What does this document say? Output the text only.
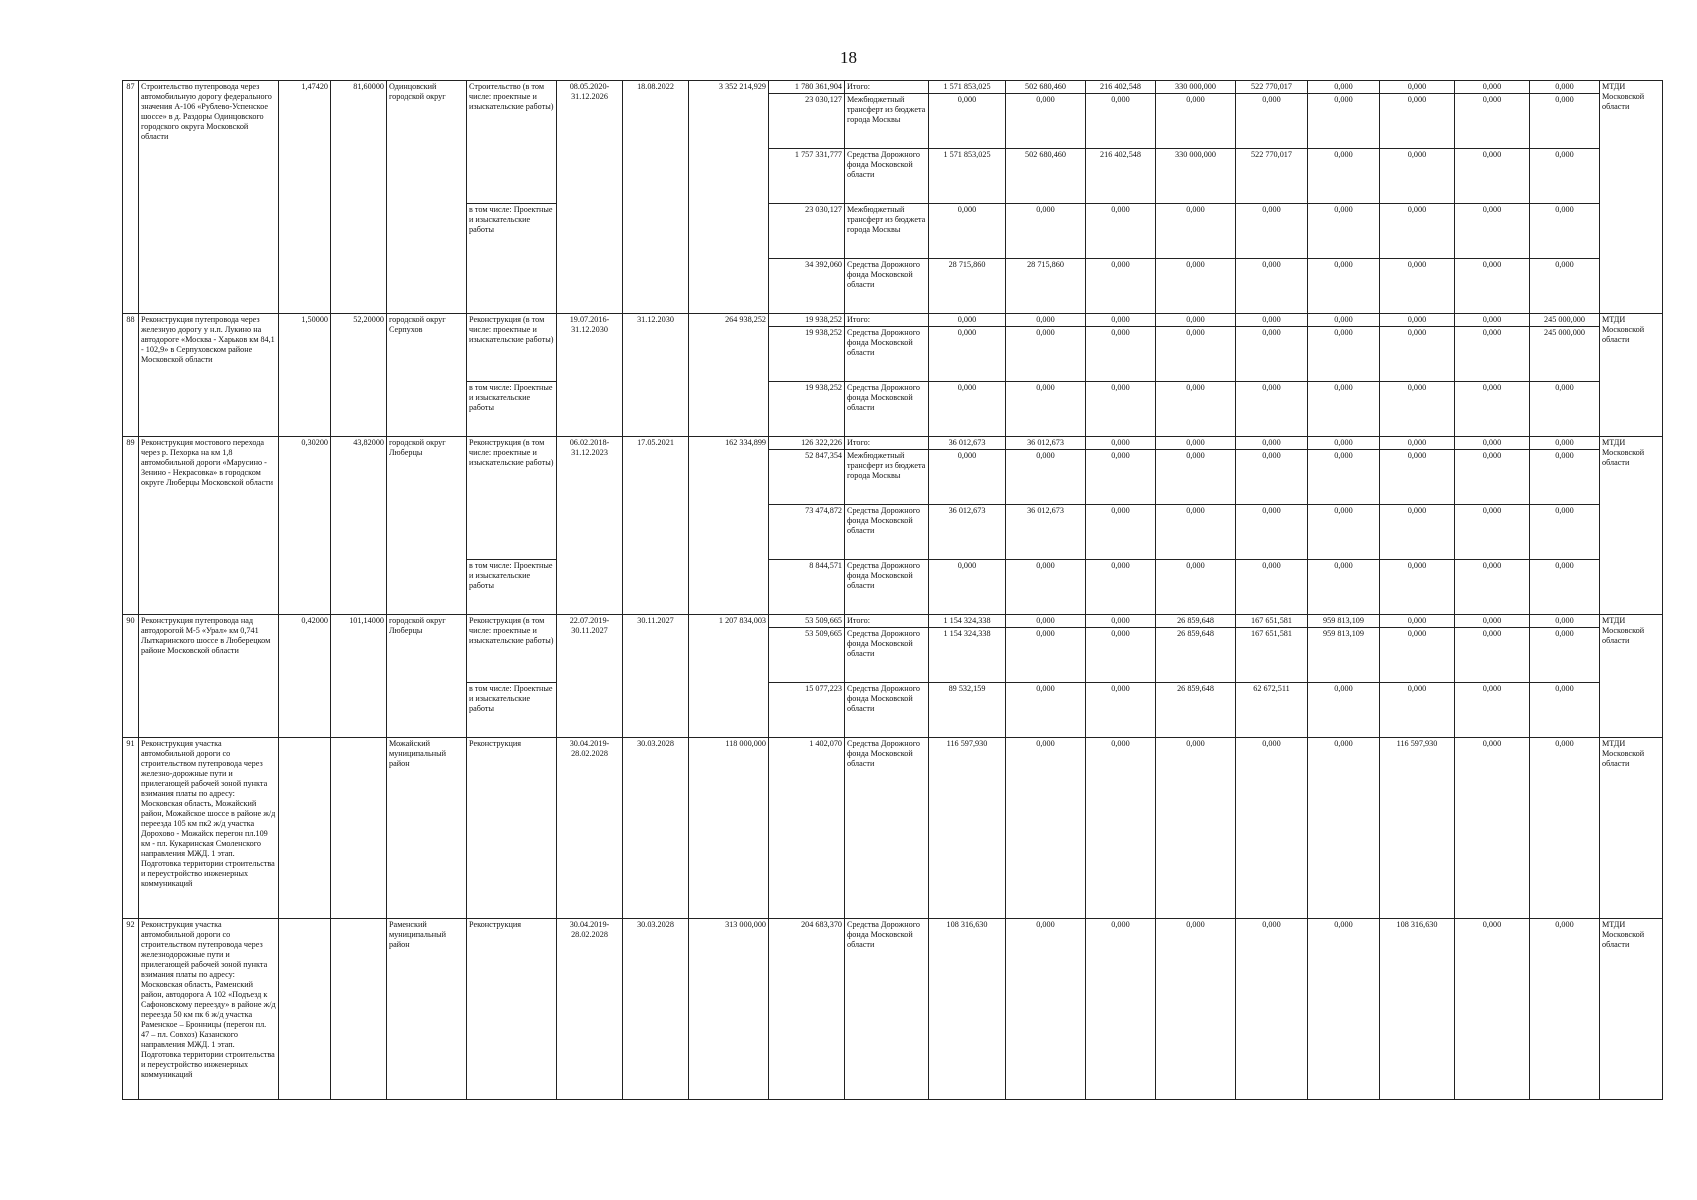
18
87	Строительство путепровода через автомобильную дорогу федерального значения А-106 «Рублево-Успенское шоссе» в д. Раздоры Одинцовского городского округа Московской области	1,47420	81,60000	Одинцовский городской округ	Строительство (в том числе: проектные и изыскательские работы)	08.05.2020-31.12.2026	18.08.2022	3 352 214,929	1 780 361,904	Итого:	1 571 853,025	502 680,460	216 402,548	330 000,000	522 770,017	0,000	0,000	0,000	0,000	МТДИ Московской области
									23 030,127	Межбюджетный трансферт из бюджета города Москвы	0,000	0,000	0,000	0,000	0,000	0,000	0,000	0,000	0,000	
									1 757 331,777	Средства Дорожного фонда Московской области	1 571 853,025	502 680,460	216 402,548	330 000,000	522 770,017	0,000	0,000	0,000	0,000	
					в том числе: Проектные и изыскательские работы				23 030,127	Межбюджетный трансферт из бюджета города Москвы	0,000	0,000	0,000	0,000	0,000	0,000	0,000	0,000	0,000	
									34 392,060	Средства Дорожного фонда Московской области	28 715,860	28 715,860	0,000	0,000	0,000	0,000	0,000	0,000	0,000	
88	Реконструкция путепровода через железную дорогу у н.п. Лукино на автодороге «Москва - Харьков км 84,1 - 102,9» в Серпуховском районе Московской области	1,50000	52,20000	городской округ Серпухов	Реконструкция (в том числе: проектные и изыскательские работы)	19.07.2016-31.12.2030	31.12.2030	264 938,252	19 938,252	Итого:	0,000	0,000	0,000	0,000	0,000	0,000	0,000	0,000	245 000,000	МТДИ Московской области
									19 938,252	Средства Дорожного фонда Московской области	0,000	0,000	0,000	0,000	0,000	0,000	0,000	0,000	245 000,000	
					в том числе: Проектные и изыскательские работы				19 938,252	Средства Дорожного фонда Московской области	0,000	0,000	0,000	0,000	0,000	0,000	0,000	0,000	0,000	
89	Реконструкция мостового перехода через р. Пехорка на км 1,8 автомобильной дороги «Марусино - Зенино - Некрасовка» в городском округе Люберцы Московской области	0,30200	43,82000	городской округ Люберцы	Реконструкция (в том числе: проектные и изыскательские работы)	06.02.2018-31.12.2023	17.05.2021	162 334,899	126 322,226	Итого:	36 012,673	36 012,673	0,000	0,000	0,000	0,000	0,000	0,000	0,000	МТДИ Московской области
									52 847,354	Межбюджетный трансферт из бюджета города Москвы	0,000	0,000	0,000	0,000	0,000	0,000	0,000	0,000	0,000	
									73 474,872	Средства Дорожного фонда Московской области	36 012,673	36 012,673	0,000	0,000	0,000	0,000	0,000	0,000	0,000	
					в том числе: Проектные и изыскательские работы				8 844,571	Средства Дорожного фонда Московской области	0,000	0,000	0,000	0,000	0,000	0,000	0,000	0,000	0,000	
90	Реконструкция путепровода над автодорогой М-5 «Урал» км 0,741 Лыткаринского шоссе в Люберецком районе Московской области	0,42000	101,14000	городской округ Люберцы	Реконструкция (в том числе: проектные и изыскательские работы)	22.07.2019-30.11.2027	30.11.2027	1 207 834,003	53 509,665	Итого:	1 154 324,338	0,000	0,000	26 859,648	167 651,581	959 813,109	0,000	0,000	0,000	МТДИ Московской области
									53 509,665	Средства Дорожного фонда Московской области	1 154 324,338	0,000	0,000	26 859,648	167 651,581	959 813,109	0,000	0,000	0,000	
					в том числе: Проектные и изыскательские работы				15 077,223	Средства Дорожного фонда Московской области	89 532,159	0,000	0,000	26 859,648	62 672,511	0,000	0,000	0,000	0,000	
91	Реконструкция участка автомобильной дороги со строительством путепровода через железно-дорожные пути и прилегающей рабочей зоной пункта взимания платы по адресу: Московская область, Можайский район, Можайское шоссе в районе ж/д переезда 105 км пк2 ж/д участка Дорохово - Можайск перегон пл.109 км - пл. Кукаринская Смоленского направления МЖД. 1 этап. Подготовка территории строительства и переустройство инженерных коммуникаций			Можайский муниципальный район	Реконструкция	30.04.2019-28.02.2028	30.03.2028	118 000,000	1 402,070	Средства Дорожного фонда Московской области	116 597,930	0,000	0,000	0,000	0,000	0,000	116 597,930	0,000	0,000	МТДИ Московской области
92	Реконструкция участка автомобильной дороги со строительством путепровода через железнодорожные пути и прилегающей рабочей зоной пункта взимания платы по адресу: Московская область, Раменский район, автодорога А 102 «Подъезд к Сафоновскому переезду» в районе ж/д переезда 50 км пк 6 ж/д участка Раменское – Бронницы (перегон пл. 47 – пл. Совхоз) Казанского направления МЖД. 1 этап. Подготовка территории строительства и переустройство инженерных коммуникаций			Раменский муниципальный район	Реконструкция	30.04.2019-28.02.2028	30.03.2028	313 000,000	204 683,370	Средства Дорожного фонда Московской области	108 316,630	0,000	0,000	0,000	0,000	0,000	108 316,630	0,000	0,000	МТДИ Московской области
